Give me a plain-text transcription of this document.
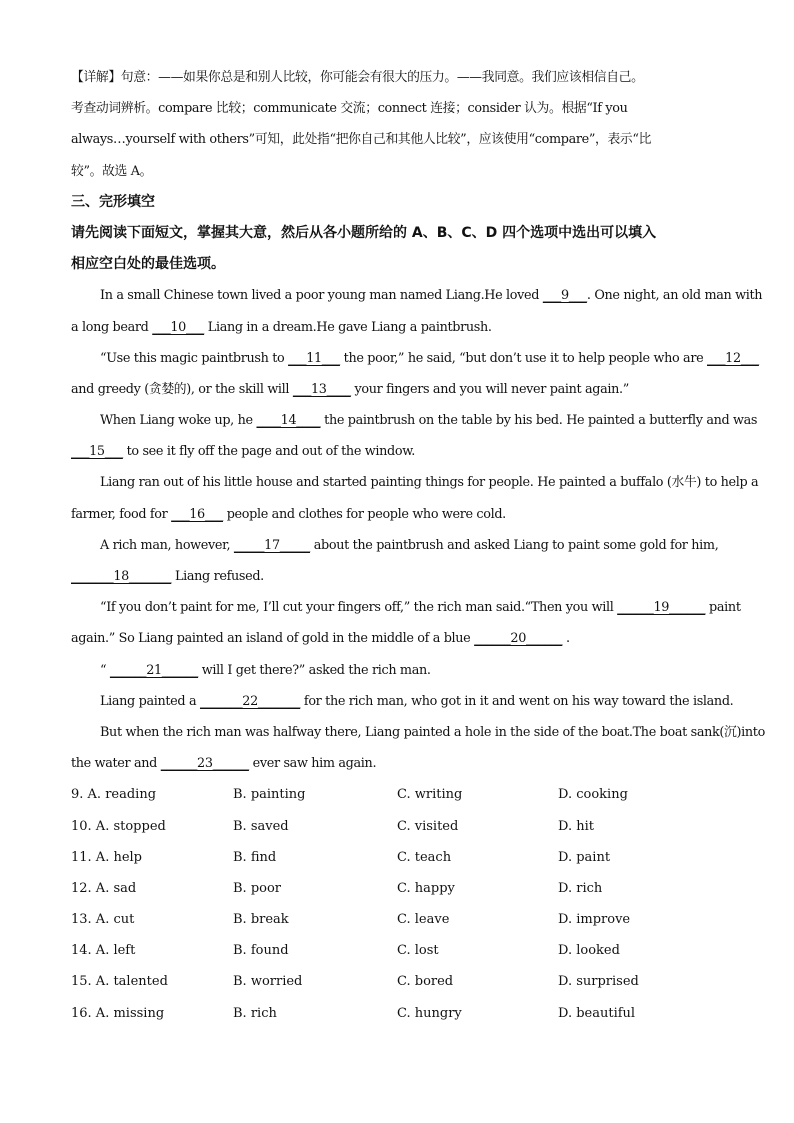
【详解】句意：——如果你总是和别人比较，你可能会有很大的压力。——我同意。我们应该相信自己。
考查动词辨析。compare 比较；communicate 交流；connect 连接；consider 认为。根据“If you
always…yourself with others”可知，此处指“把你自己和其他人比较”，应该使用“compare”，表示“比
较”。故选 A。
三、完形填空
请先阅读下面短文，掌握其大意，然后从各小题所给的 A、B、C、D 四个选项中选出可以填入
相应空白处的最佳选项。
In a small Chinese town lived a poor young man named Liang.He loved ___9___. One night, an old man with
a long beard ___10___ Liang in a dream.He gave Liang a paintbrush.
“Use this magic paintbrush to ___11___ the poor,” he said, “but don’t use it to help people who are ___12___
and greedy (贪婪的), or the skill will ___13____ your fingers and you will never paint again.”
When Liang woke up, he ____14____ the paintbrush on the table by his bed. He painted a butterfly and was
___15___ to see it fly off the page and out of the window.
Liang ran out of his little house and started painting things for people. He painted a buffalo (水牛) to help a
farmer, food for ___16___ people and clothes for people who were cold.
A rich man, however, _____17_____ about the paintbrush and asked Liang to paint some gold for him,
_______18_______ Liang refused.
“If you don’t paint for me, I’ll cut your fingers off,” the rich man said.“Then you will ______19______ paint
again.” So Liang painted an island of gold in the middle of a blue ______20______ .
“ ______21______ will I get there?” asked the rich man.
Liang painted a _______22_______ for the rich man, who got in it and went on his way toward the island.
But when the rich man was halfway there, Liang painted a hole in the side of the boat.The boat sank(沉)into
the water and ______23______ ever saw him again.
9. A. reading	B. painting	C. writing	D. cooking
10. A. stopped	B. saved	C. visited	D. hit
11. A. help	B. find	C. teach	D. paint
12. A. sad	B. poor	C. happy	D. rich
13. A. cut	B. break	C. leave	D. improve
14. A. left	B. found	C. lost	D. looked
15. A. talented	B. worried	C. bored	D. surprised
16. A. missing	B. rich	C. hungry	D. beautiful
